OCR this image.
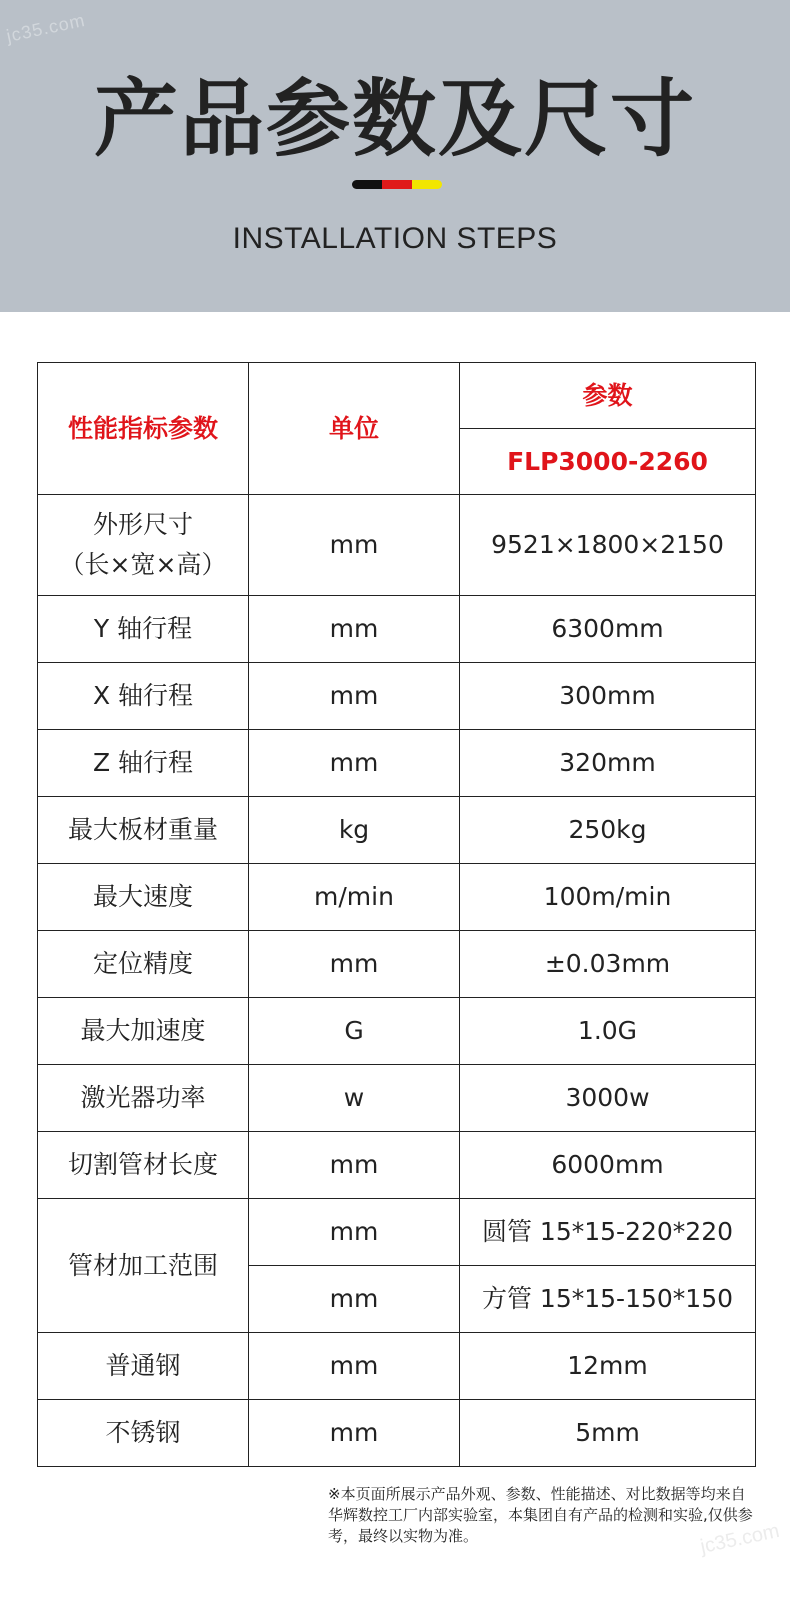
jc35.com
产品参数及尺寸
INSTALLATION STEPS
性能指标参数	单位	参数
		FLP3000-2260

外形尺寸
（长×宽×高）	mm	9521×1800×2150
Y 轴行程	mm	6300mm
X 轴行程	mm	300mm
Z 轴行程	mm	320mm
最大板材重量	kg	250kg
最大速度	m/min	100m/min
定位精度	mm	±0.03mm
最大加速度	G	1.0G
激光器功率	w	3000w
切割管材长度	mm	6000mm
管材加工范围	mm	圆管 15*15-220*220
	mm	方管 15*15-150*150
普通钢	mm	12mm
不锈钢	mm	5mm
※本页面所展示产品外观、参数、性能描述、对比数据等均来自华辉数控工厂内部实验室，本集团自有产品的检测和实验,仅供参考，最终以实物为准。	jc35.com
